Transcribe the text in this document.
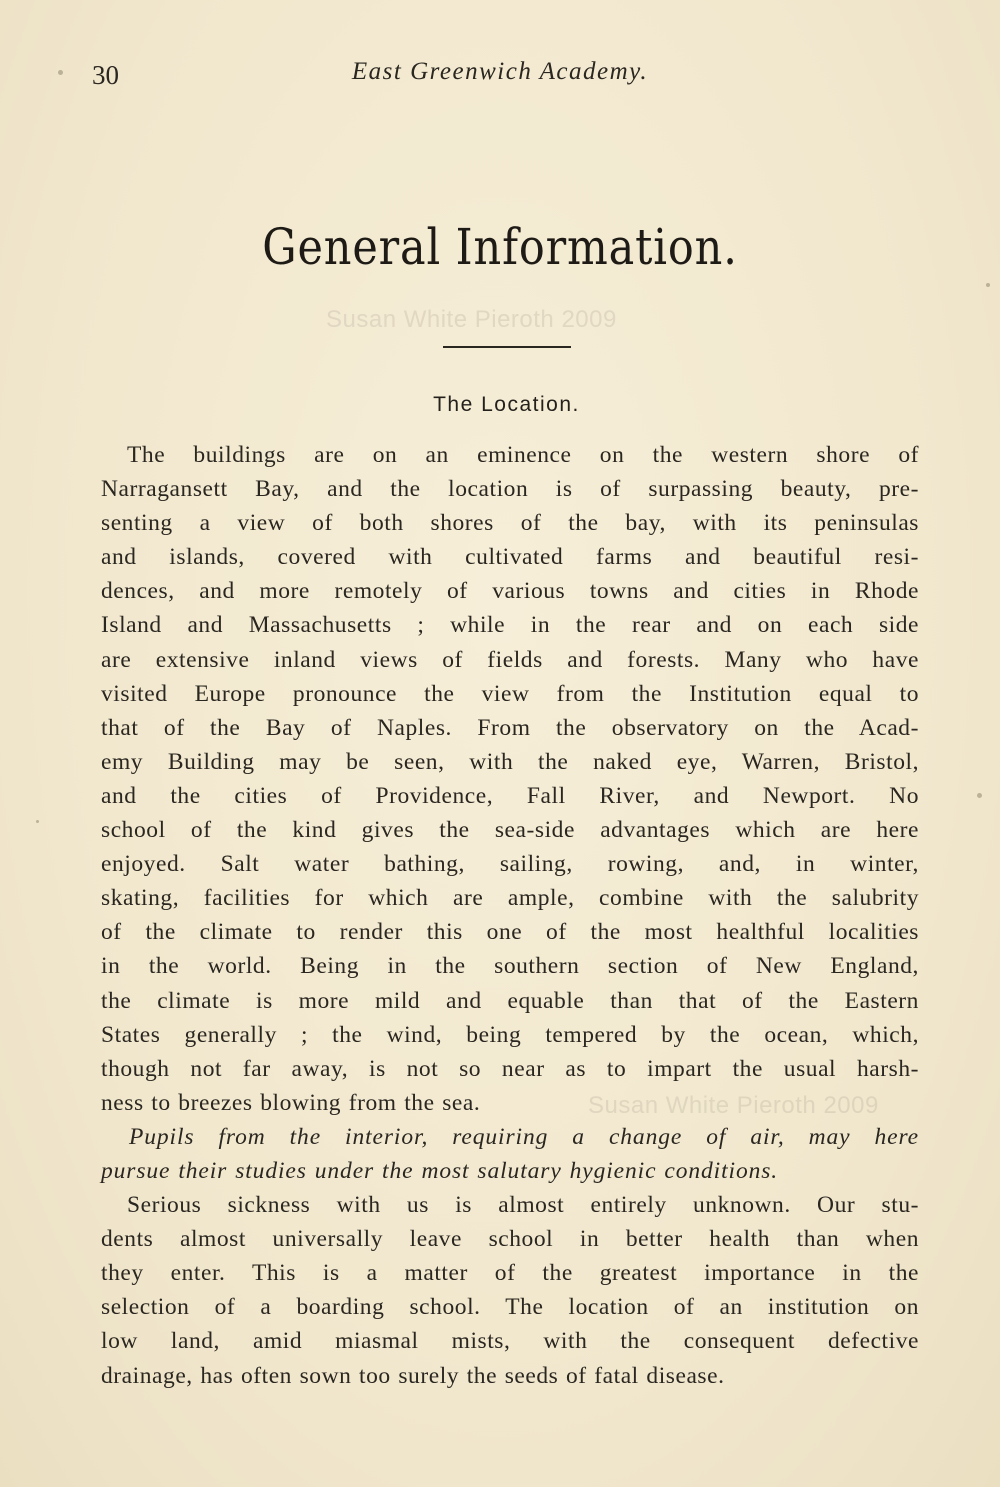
30	East Greenwich Academy.
General Information.
Susan White Pieroth 2009
The Location.
The buildings are on an eminence on the western shore of
Narragansett Bay, and the location is of surpassing beauty, pre-
senting a view of both shores of the bay, with its peninsulas
and islands, covered with cultivated farms and beautiful resi-
dences, and more remotely of various towns and cities in Rhode
Island and Massachusetts ; while in the rear and on each side
are extensive inland views of fields and forests. Many who have
visited Europe pronounce the view from the Institution equal to
that of the Bay of Naples. From the observatory on the Acad-
emy Building may be seen, with the naked eye, Warren, Bristol,
and the cities of Providence, Fall River, and Newport. No
school of the kind gives the sea-side advantages which are here
enjoyed. Salt water bathing, sailing, rowing, and, in winter,
skating, facilities for which are ample, combine with the salubrity
of the climate to render this one of the most healthful localities
in the world. Being in the southern section of New England,
the climate is more mild and equable than that of the Eastern
States generally ; the wind, being tempered by the ocean, which,
though not far away, is not so near as to impart the usual harsh-
ness to breezes blowing from the sea.
Pupils from the interior, requiring a change of air, may here
pursue their studies under the most salutary hygienic conditions.
Serious sickness with us is almost entirely unknown. Our stu-
dents almost universally leave school in better health than when
they enter. This is a matter of the greatest importance in the
selection of a boarding school. The location of an institution on
low land, amid miasmal mists, with the consequent defective
drainage, has often sown too surely the seeds of fatal disease.
Susan White Pieroth 2009
